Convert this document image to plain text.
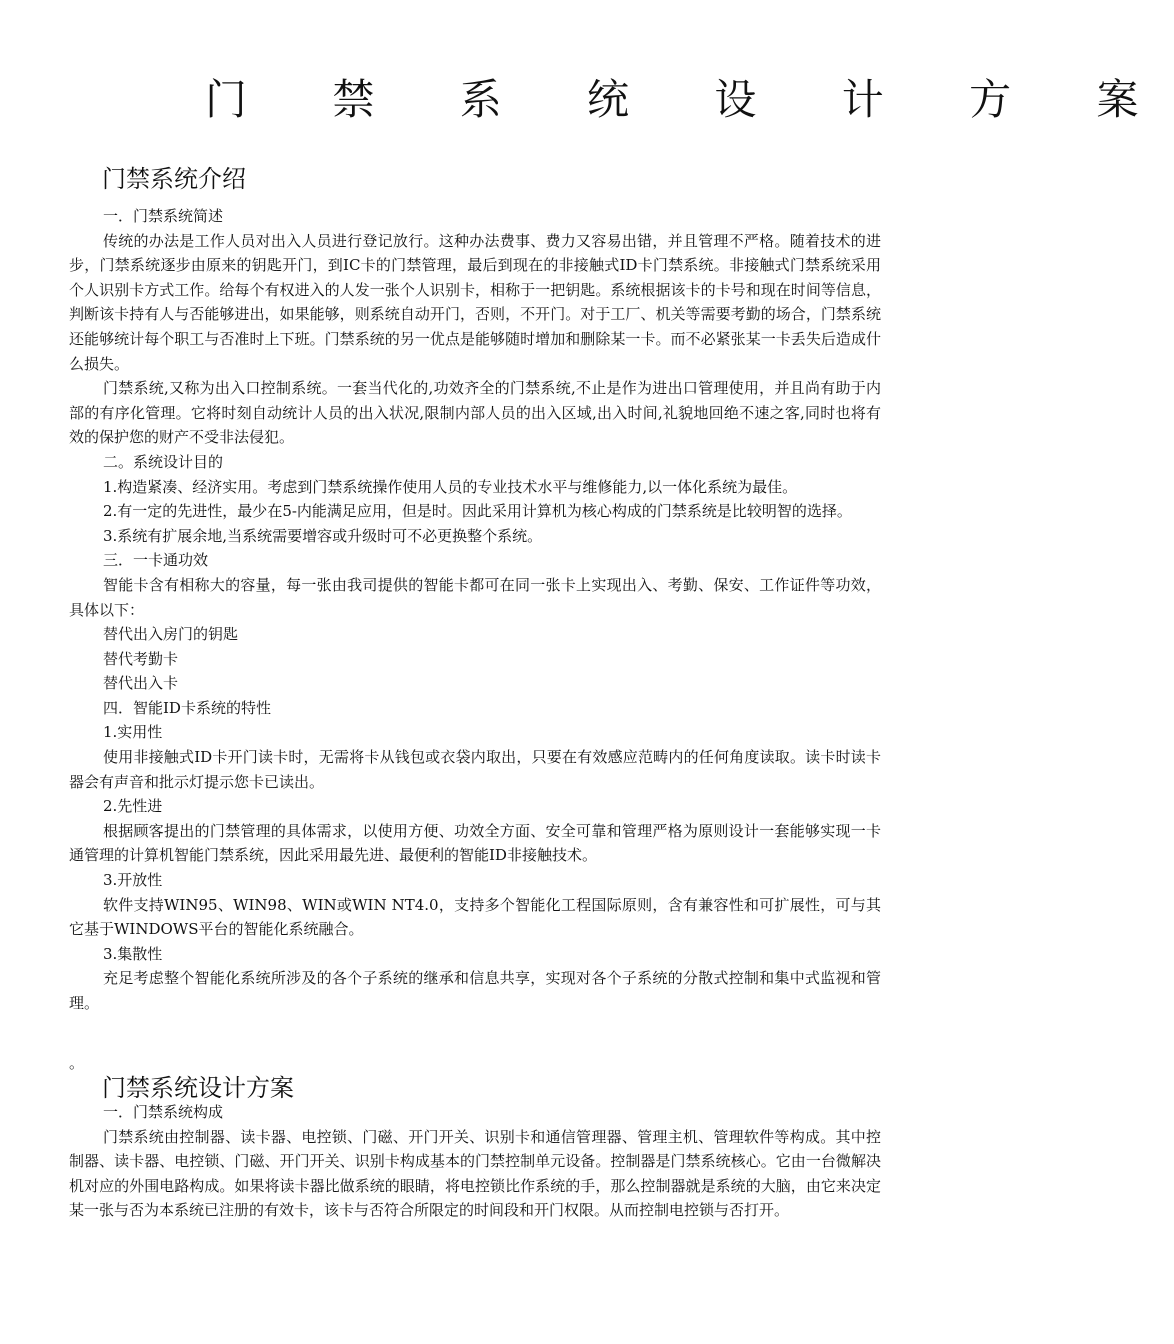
门 禁 系 统 设 计 方 案
门禁系统介绍

一．门禁系统简述

传统的办法是工作人员对出入人员进行登记放行。这种办法费事、费力又容易出错，并且管理不严格。随着技术的进步，门禁系统逐步由原来的钥匙开门，到IC卡的门禁管理，最后到现在的非接触式ID卡门禁系统。非接触式门禁系统采用个人识别卡方式工作。给每个有权进入的人发一张个人识别卡，相称于一把钥匙。系统根据该卡的卡号和现在时间等信息，判断该卡持有人与否能够进出，如果能够，则系统自动开门，否则，不开门。对于工厂、机关等需要考勤的场合，门禁系统还能够统计每个职工与否准时上下班。门禁系统的另一优点是能够随时增加和删除某一卡。而不必紧张某一卡丢失后造成什么损失。

门禁系统,又称为出入口控制系统。一套当代化的,功效齐全的门禁系统,不止是作为进出口管理使用，并且尚有助于内部的有序化管理。它将时刻自动统计人员的出入状况,限制内部人员的出入区域,出入时间,礼貌地回绝不速之客,同时也将有效的保护您的财产不受非法侵犯。

二。系统设计目的

1.构造紧凑、经济实用。考虑到门禁系统操作使用人员的专业技术水平与维修能力,以一体化系统为最佳。

2.有一定的先进性，最少在5-内能满足应用，但是时。因此采用计算机为核心构成的门禁系统是比较明智的选择。

3.系统有扩展余地,当系统需要增容或升级时可不必更换整个系统。

三．一卡通功效

智能卡含有相称大的容量，每一张由我司提供的智能卡都可在同一张卡上实现出入、考勤、保安、工作证件等功效，具体以下：

替代出入房门的钥匙

替代考勤卡

替代出入卡

四．智能ID卡系统的特性

1.实用性

使用非接触式ID卡开门读卡时，无需将卡从钱包或衣袋内取出，只要在有效感应范畴内的任何角度读取。读卡时读卡器会有声音和批示灯提示您卡已读出。

2.先性进

根据顾客提出的门禁管理的具体需求，以使用方便、功效全方面、安全可靠和管理严格为原则设计一套能够实现一卡通管理的计算机智能门禁系统，因此采用最先进、最便利的智能ID非接触技术。

3.开放性

软件支持WIN95、WIN98、WIN或WIN NT4.0，支持多个智能化工程国际原则，含有兼容性和可扩展性，可与其它基于WINDOWS平台的智能化系统融合。

3.集散性

充足考虑整个智能化系统所涉及的各个子系统的继承和信息共享，实现对各个子系统的分散式控制和集中式监视和管理。

。
门禁系统设计方案

一．门禁系统构成

门禁系统由控制器、读卡器、电控锁、门磁、开门开关、识别卡和通信管理器、管理主机、管理软件等构成。其中控制器、读卡器、电控锁、门磁、开门开关、识别卡构成基本的门禁控制单元设备。控制器是门禁系统核心。它由一台微解决机对应的外围电路构成。如果将读卡器比做系统的眼睛，将电控锁比作系统的手，那么控制器就是系统的大脑，由它来决定某一张与否为本系统已注册的有效卡，该卡与否符合所限定的时间段和开门权限。从而控制电控锁与否打开。
